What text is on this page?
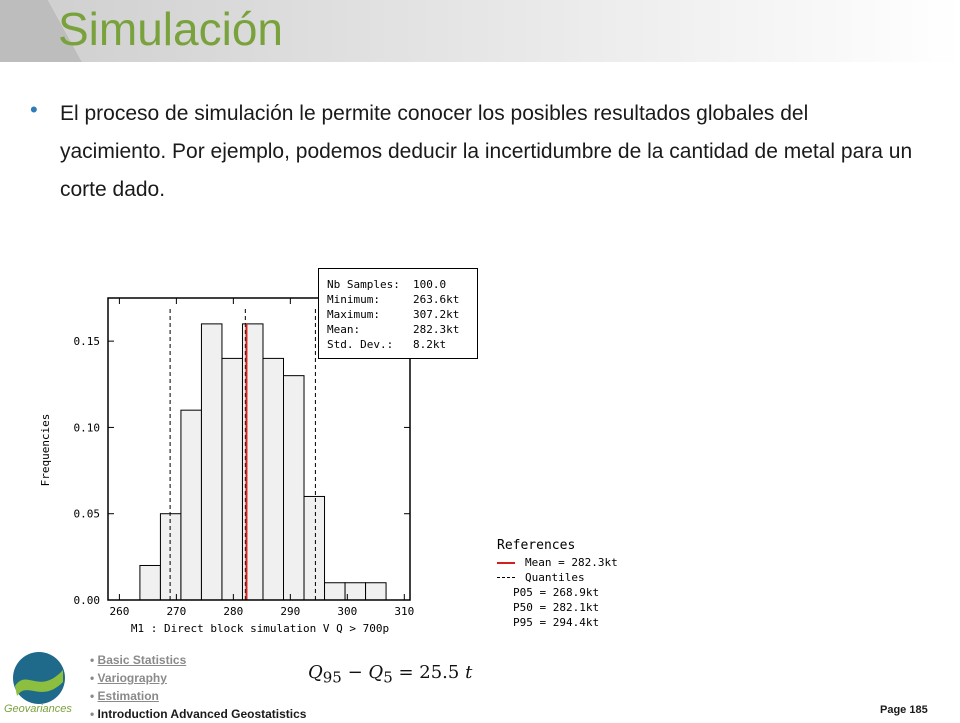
Simulación
• El proceso de simulación le permite conocer los posibles resultados globales del yacimiento. Por ejemplo, podemos deducir la incertidumbre de la cantidad de metal para un corte dado.
0.00
0.05
0.10
0.15
260	270	280	290	300	310
Frequencies
M1 : Direct block simulation V Q > 700p
Nb Samples:	100.0
Minimum:	263.6kt
Maximum:	307.2kt
Mean:	282.3kt
Std. Dev.:	8.2kt
References
Mean = 282.3kt
Quantiles
P05 = 268.9kt
P50 = 282.1kt
P95 = 294.4kt
$Q_{95} - Q_5 = 25.5$ t
Geovariances
• Basic Statistics
• Variography
• Estimation
• Introduction Advanced Geostatistics	Page 185
